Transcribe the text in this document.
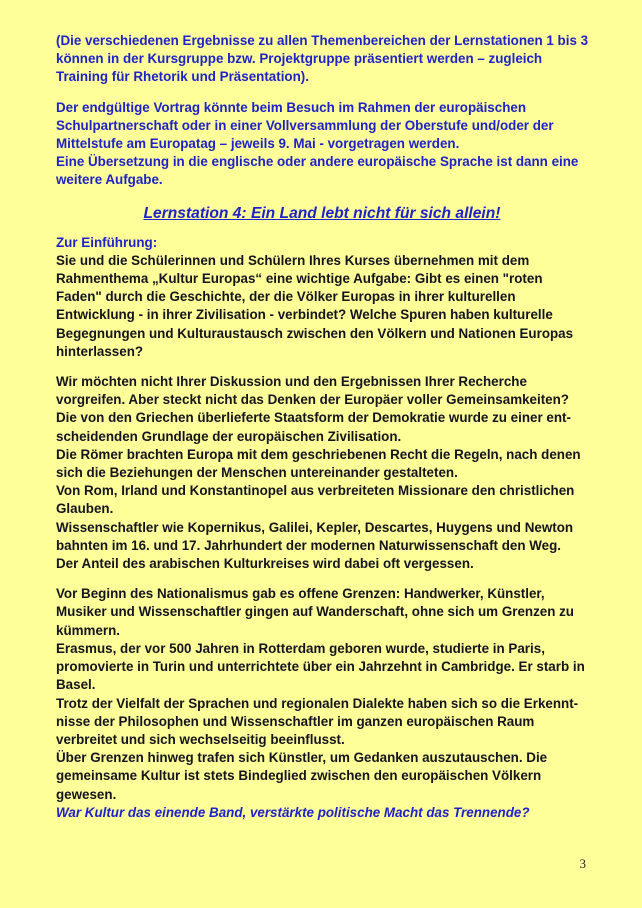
(Die verschiedenen Ergebnisse zu allen Themenbereichen der Lernstationen 1 bis 3
können in der Kursgruppe bzw. Projektgruppe präsentiert werden – zugleich
Training für Rhetorik und Präsentation).

Der endgültige Vortrag könnte beim Besuch im Rahmen der europäischen
Schulpartnerschaft oder in einer Vollversammlung der Oberstufe und/oder der
Mittelstufe am Europatag – jeweils 9. Mai - vorgetragen werden.
Eine Übersetzung in die englische oder andere europäische Sprache ist dann eine
weitere Aufgabe.

Lernstation 4: Ein Land lebt nicht für sich allein!

Zur Einführung:
Sie und die Schülerinnen und Schülern Ihres Kurses übernehmen mit dem
Rahmenthema „Kultur Europas“ eine wichtige Aufgabe: Gibt es einen "roten
Faden" durch die Geschichte, der die Völker Europas in ihrer kulturellen
Entwicklung - in ihrer Zivilisation - verbindet? Welche Spuren haben kulturelle
Begegnungen und Kulturaustausch zwischen den Völkern und Nationen Europas
hinterlassen?

Wir möchten nicht Ihrer Diskussion und den Ergebnissen Ihrer Recherche
vorgreifen. Aber steckt nicht das Denken der Europäer voller Gemeinsamkeiten?
Die von den Griechen überlieferte Staatsform der Demokratie wurde zu einer ent-
scheidenden Grundlage der europäischen Zivilisation.
Die Römer brachten Europa mit dem geschriebenen Recht die Regeln, nach denen
sich die Beziehungen der Menschen untereinander gestalteten.
Von Rom, Irland und Konstantinopel aus verbreiteten Missionare den christlichen
Glauben.
Wissenschaftler wie Kopernikus, Galilei, Kepler, Descartes, Huygens und Newton
bahnten im 16. und 17. Jahrhundert der modernen Naturwissenschaft den Weg.
Der Anteil des arabischen Kulturkreises wird dabei oft vergessen.

Vor Beginn des Nationalismus gab es offene Grenzen: Handwerker, Künstler,
Musiker und Wissenschaftler gingen auf Wanderschaft, ohne sich um Grenzen zu
kümmern.
Erasmus, der vor 500 Jahren in Rotterdam geboren wurde, studierte in Paris,
promovierte in Turin und unterrichtete über ein Jahrzehnt in Cambridge. Er starb in
Basel.
Trotz der Vielfalt der Sprachen und regionalen Dialekte haben sich so die Erkennt-
nisse der Philosophen und Wissenschaftler im ganzen europäischen Raum
verbreitet und sich wechselseitig beeinflusst.
Über Grenzen hinweg trafen sich Künstler, um Gedanken auszutauschen. Die
gemeinsame Kultur ist stets Bindeglied zwischen den europäischen Völkern
gewesen.
War Kultur das einende Band, verstärkte politische Macht das Trennende?

3
